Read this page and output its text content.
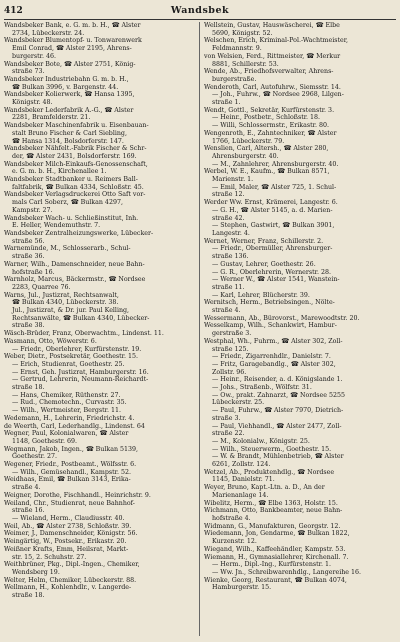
412	Wandsbek
Wandsbeker Bank, e. G. m. b. H., ☎ Alster
2734, Lübeckerstr. 24.
Wandsbeker Blumentopf- u. Tonwarenwerk
Emil Conrad, ☎ Alster 2195, Ahrens-
burgerstr. 46.
Wandsbeker Bote, ☎ Alster 2751, König-
straße 73.
Wandsbeker Industriebahn G. m. b. H.,
☎ Bulkan 3996, v. Bargenstr. 44.
Wandsbeker Kolierwerk, ☎ Hansa 1395,
Königstr. 48.
Wandsbeker Lederfabrik A.-G., ☎ Alster
2281, Bramfelderstr. 21.
Wandsbeker Maschinenfabrik u. Eisenbauan-
stalt Bruno Fischer & Carl Siebling,
☎ Hansa 1314, Bolsdorferstr. 147.
Wandsbeker Nähfelt.-Fabrik Fischer & Schr-
der, ☎ Alster 2431, Bolsdorferstr. 169.
Wandsbeker Milch-Einkaufs-Genossenschaft,
e. G. m. b. H., Kirchenallee 1.
Wandsbeker Stadtbanker u. Reimers Ball-
faltfabrik, ☎ Bulkan 4334, Schloßstr. 45.
Wandsbeker Verlagsdruckerei Otto Saft vor-
mals Carl Soberz, ☎ Bulkan 4297,
Kampstr. 27.
Wandsbeker Wach- u. Schließinstitut, Inh.
E. Heller, Wendemuthstr. 7.
Wandsbeker Zentralheizungswerke, Lübecker-
straße 56.
Warnemünde, M., Schlosserarb., Schul-
straße 36.
Warner, Wilh., Damenschneider, neue Bahn-
hofstraße 16.
Warnholz, Marcus, Bäckermstr., ☎ Nordsee
2283, Quarree 76.
Warns, Jul., Justizrat, Rechtsanwalt,
☎ Bulkan 4340, Lübeckerstr. 38.
Jul., Justizrat, & Dr. jur. Paul Kelling,
Rechtsanwälte, ☎ Bulkan 4340, Lübecker-
straße 38.
Wäsch-Brüder, Franz, Oberwachtm., Lindenst. 11.
Wasmann, Otto, Wöwerstr. 6.
— Friedr., Oberlehrer, Kurfürstenstr. 19.
Weber, Dietr., Postsekretär, Goethestr. 15.
— Erich, Studienrat, Goethestr. 25.
— Ernst, Geh. Justizrat, Hamburgerstr. 16.
— Gertrud, Lehrerin, Neumann-Reichardt-
straße 18.
— Hans, Chemiker, Rüthenstr. 27.
— Rud., Chemotechn., Curvastr. 35.
— Wilh., Wertmeister, Bergstr. 11.
Wedemann, H., Lehrerin, Friedrichstr. 4.
de Weerth, Carl, Lederhandlg., Lindenst. 64
Wegner, Paul, Kolonialwaren, ☎ Alster
1148, Goethestr. 69.
Wegmann, Jakob, Ingen., ☎ Bulkan 5139,
Goethestr. 27.
Wegener, Friedr., Postbeamt., Wölfsstr. 6.
— Wilh., Gemüsehandl., Kampstr. 52.
Weidhaas, Emil, ☎ Bulkan 3143, Erika-
straße 4.
Weigner, Dorothe, Fischhandl., Heinrichstr. 9.
Weiland, Chr., Studienrat, neue Bahnhof-
straße 16.
— Wieland, Herm., Claudiusstr. 40.
Weil, Ab., ☎ Alster 2738, Schloßstr. 39.
Weimer, J., Damenschneider, Königstr. 56.
Weingärtig, W., Postsekr., Erikastr. 20.
Weißner Krafts, Emm, Heilsrat, Markt-
str. 15, 2. Schuhstr. 27.
Weithbrüner, Pkg., Dipl.-Ingen., Chemiker,
Wendsberg 19.
Welter, Helm, Chemiker, Lübeckerstr. 88.
Wellmann, H., Kohlenhdlr., v. Langerde-
straße 18.
Wellstein, Gustav, Hauswäscherei, ☎ Elbe
5690, Königstr. 52.
Welschen, Erich, Kriminal-Pol.-Wachtmeister,
Feldmannstr. 9.
von Welsien, Ferd., Rittmeister, ☎ Merkur
8881, Schillerstr. 53.
Wende, Ab., Friedhofsverwalter, Ahrens-
burgerstraße.
Wenderoth, Carl, Autofuhrw., Siemsstr. 14.
— Joh., Fuhrw., ☎ Nordsee 2968, Lilgen-
straße 1.
Wendt, Gottl., Sekretär, Kurfürstenstr. 3.
— Heinr., Postbetr., Schloßstr. 18.
— Willi, Schlossermstr., Erikastr. 80.
Wengenroth, E., Zahntechniker, ☎ Alster
1766, Lübeckerstr. 79.
Wenslien, Carl, Altersh., ☎ Alster 280,
Ahrensburgerstr. 40.
— M., Zahnlehrer, Ahrensburgerstr. 40.
Werbel, W. E., Kaufm., ☎ Bulkan 8571,
Marienstr. 1.
— Emil, Maler, ☎ Alster 725, 1. Schul-
straße 12.
Werder Ww. Ernst, Krämerei, Langestr. 6.
— G. H., ☎ Alster 5145, a. d. Marien-
straße 42.
— Stephen, Gastwirt, ☎ Bulkan 3901,
Langestr. 4.
Wernet, Werner, Franz, Schillerstr. 2.
— Friedr., Obermüller, Ahrensburger-
straße 136.
— Gustav, Lehrer, Goethestr. 26.
— G. R., Oberlehrerin, Wernerstr. 28.
— Werner W., ☎ Alster 1541, Wanstein-
straße 11.
— Karl, Lehrer, Blücherstr. 39.
Wernitsch, Herm., Betriebsingen., Nölte-
straße 4.
Wessermann, Ab., Bürovorst., Marewoodtstr. 20.
Wesselkamp, Wilh., Schankwirt, Hambur-
gerstraße 3.
Westphal, Wh., Fuhrm., ☎ Alster 302, Zoll-
straße 125.
— Friedr., Zigarrenhdlr., Danielstr. 7.
— Fritz, Garagebandlg., ☎ Alster 302,
Zollstr. 96.
— Heinr., Reisender, a. d. Königslande 1.
— Johs., Straßenb., Wölfstr. 31.
— Ow., prakt. Zahnarzt, ☎ Nordsee 5255
Lübeckerstr. 25.
— Paul, Fuhrw., ☎ Alster 7970, Dietrich-
straße 3.
— Paul, Viehhandl., ☎ Alster 2477, Zoll-
straße 22.
— M., Kolonialw., Königstr. 25.
— Wilh., Steuerwerm., Goethestr. 15.
— W. & Brandt, Mühlenbetrieb, ☎ Alster
6261, Zollstr. 124.
Wetzel, Ab., Produktenhdlg., ☎ Nordsee
1145, Danielstr. 71.
Weyer, Bruno, Kapt.-Ltn. a. D., An der
Marienanlage 14.
Wibelitz, Herm., ☎ Elbe 1363, Holstr. 15.
Wichmann, Otto, Bankbeamter, neue Bahn-
hofstraße 4.
Widmann, G., Manufakturen, Georgstr. 12.
Wiedemann, Jon, Gendarme, ☎ Bulkan 1822,
Kurzenstr. 12.
Wiegand, Wilh., Kaffeehändler, Kampstr. 53.
Wiemann, H., Gymnasiallehrer, Kirchenall. 7.
— Herm., Dipl.-Ing., Kurfürstenstr. 1.
— Ww. Jn., Schreibwarenhdlg., Langereihe 16.
Wienke, Georg, Restaurant, ☎ Bulkan 4074,
Hamburgerstr. 15.
